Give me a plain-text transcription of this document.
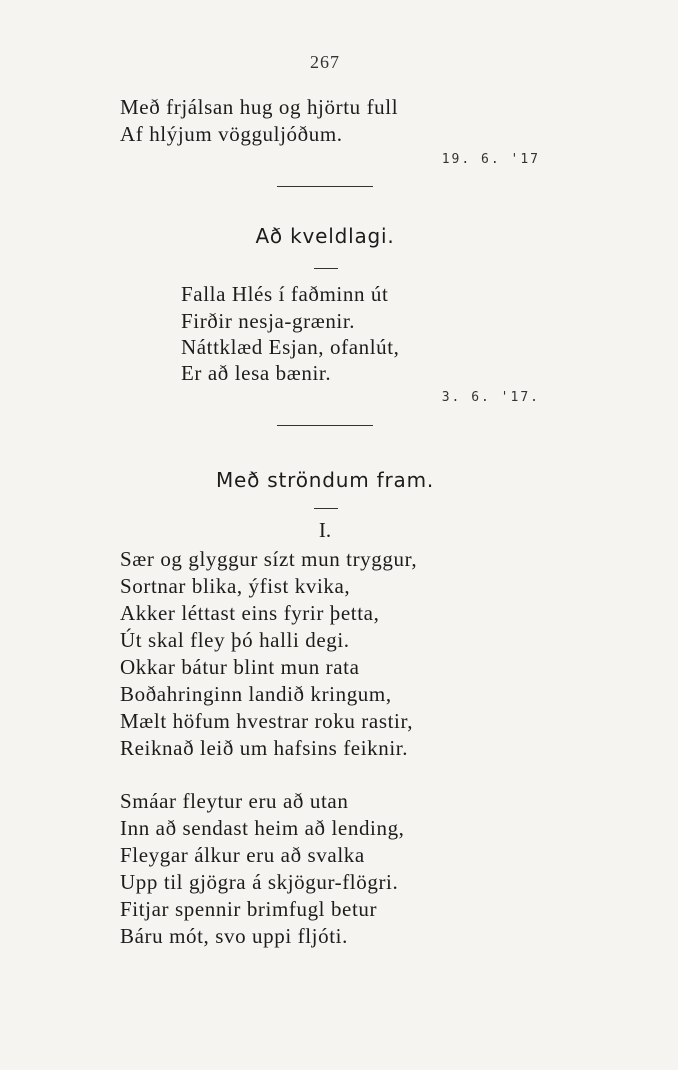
267
Með frjálsan hug og hjörtu full
Af hlýjum vögguljóðum.
19. 6. '17
Að kveldlagi.
Falla Hlés í faðminn út
Firðir nesja-grænir.
Náttklæd Esjan, ofanlút,
Er að lesa bænir.
3. 6. '17.
Með ströndum fram.
I.
Sær og glyggur sízt mun tryggur,
Sortnar blika, ýfist kvika,
Akker léttast eins fyrir þetta,
Út skal fley þó halli degi.
Okkar bátur blint mun rata
Boðahringinn landið kringum,
Mælt höfum hvestrar roku rastir,
Reiknað leið um hafsins feiknir.
Smáar fleytur eru að utan
Inn að sendast heim að lending,
Fleygar álkur eru að svalka
Upp til gjögra á skjögur-flögri.
Fitjar spennir brimfugl betur
Báru mót, svo uppi fljóti.
